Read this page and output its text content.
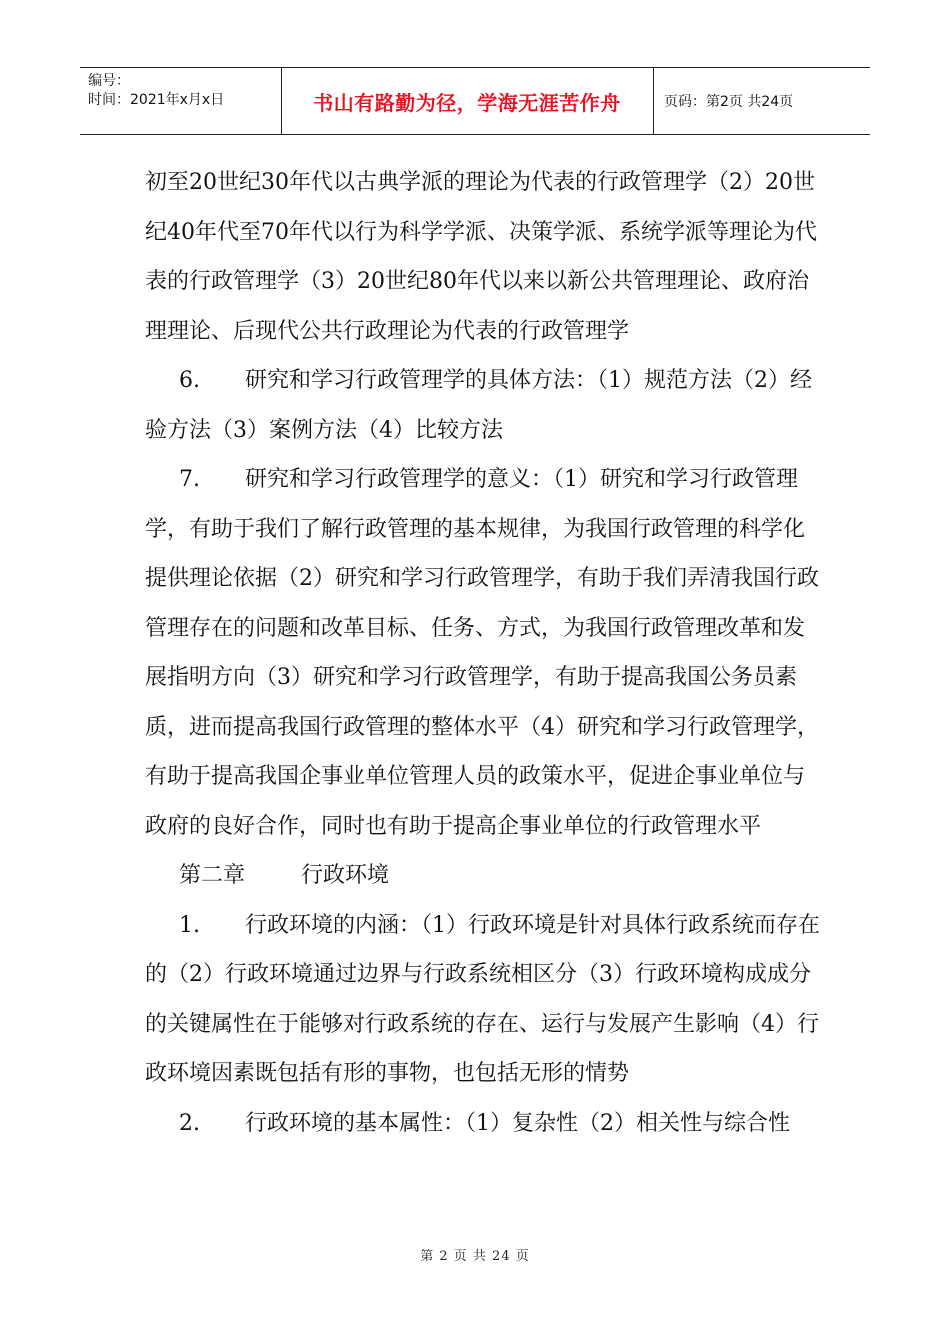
编号：
时间：2021年x月x日	书山有路勤为径，学海无涯苦作舟	页码：第2页 共24页

初至20世纪30年代以古典学派的理论为代表的行政管理学（2）20世纪40年代至70年代以行为科学学派、决策学派、系统学派等理论为代表的行政管理学（3）20世纪80年代以来以新公共管理理论、政府治理理论、后现代公共行政理论为代表的行政管理学

6. 研究和学习行政管理学的具体方法：（1）规范方法（2）经验方法（3）案例方法（4）比较方法

7. 研究和学习行政管理学的意义：（1）研究和学习行政管理学，有助于我们了解行政管理的基本规律，为我国行政管理的科学化提供理论依据（2）研究和学习行政管理学，有助于我们弄清我国行政管理存在的问题和改革目标、任务、方式，为我国行政管理改革和发展指明方向（3）研究和学习行政管理学，有助于提高我国公务员素质，进而提高我国行政管理的整体水平（4）研究和学习行政管理学，有助于提高我国企事业单位管理人员的政策水平，促进企事业单位与政府的良好合作，同时也有助于提高企事业单位的行政管理水平

第二章	行政环境

1. 行政环境的内涵：（1）行政环境是针对具体行政系统而存在的（2）行政环境通过边界与行政系统相区分（3）行政环境构成成分的关键属性在于能够对行政系统的存在、运行与发展产生影响（4）行政环境因素既包括有形的事物，也包括无形的情势

2. 行政环境的基本属性：（1）复杂性（2）相关性与综合性

第 2 页 共 24 页
